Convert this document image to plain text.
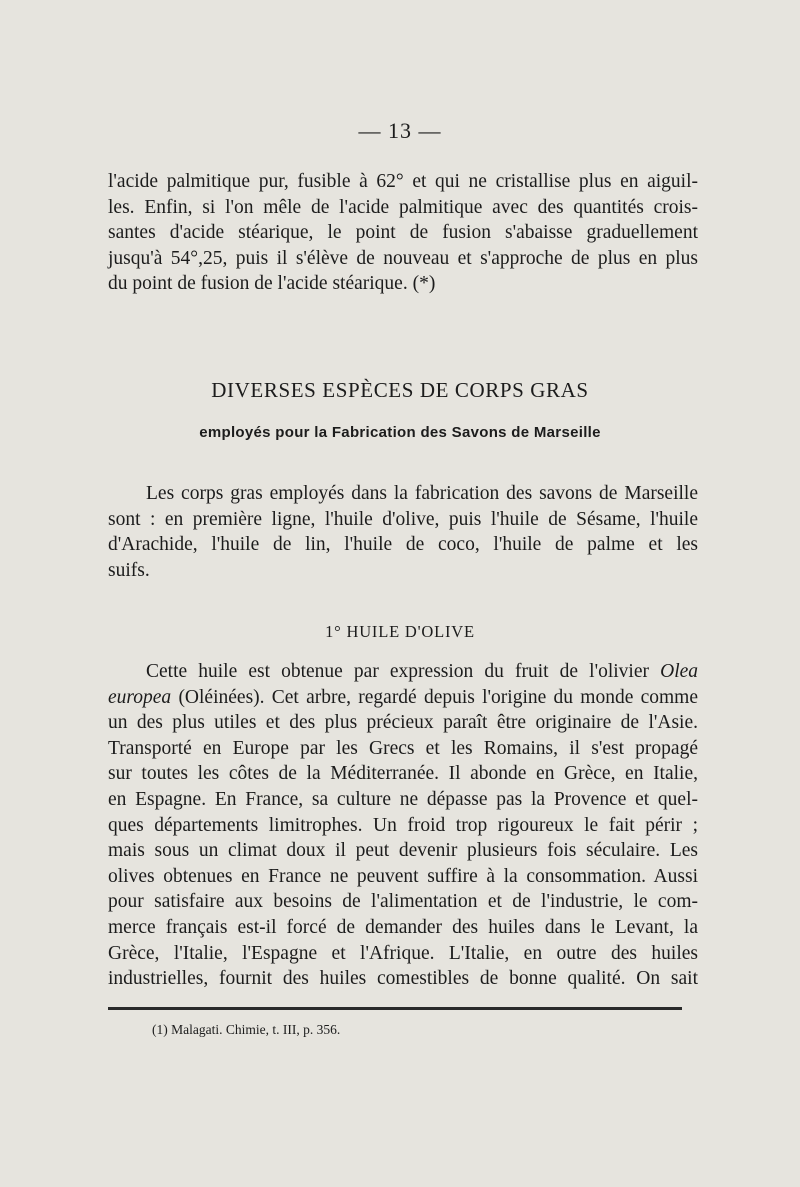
— 13 —
l'acide palmitique pur, fusible à 62° et qui ne cristallise plus en aiguil-
les. Enfin, si l'on mêle de l'acide palmitique avec des quantités crois-
santes d'acide stéarique, le point de fusion s'abaisse graduellement
jusqu'à 54°,25, puis il s'élève de nouveau et s'approche de plus en plus
du point de fusion de l'acide stéarique. (*)
DIVERSES ESPÈCES DE CORPS GRAS
employés pour la Fabrication des Savons de Marseille
Les corps gras employés dans la fabrication des savons de Marseille
sont : en première ligne, l'huile d'olive, puis l'huile de Sésame, l'huile
d'Arachide, l'huile de lin, l'huile de coco, l'huile de palme et les
suifs.
1° HUILE D'OLIVE
Cette huile est obtenue par expression du fruit de l'olivier Olea
europea (Oléinées). Cet arbre, regardé depuis l'origine du monde comme
un des plus utiles et des plus précieux paraît être originaire de l'Asie.
Transporté en Europe par les Grecs et les Romains, il s'est propagé
sur toutes les côtes de la Méditerranée. Il abonde en Grèce, en Italie,
en Espagne. En France, sa culture ne dépasse pas la Provence et quel-
ques départements limitrophes. Un froid trop rigoureux le fait périr ;
mais sous un climat doux il peut devenir plusieurs fois séculaire. Les
olives obtenues en France ne peuvent suffire à la consommation. Aussi
pour satisfaire aux besoins de l'alimentation et de l'industrie, le com-
merce français est-il forcé de demander des huiles dans le Levant, la
Grèce, l'Italie, l'Espagne et l'Afrique. L'Italie, en outre des huiles
industrielles, fournit des huiles comestibles de bonne qualité. On sait
(1) Malagati. Chimie, t. III, p. 356.
